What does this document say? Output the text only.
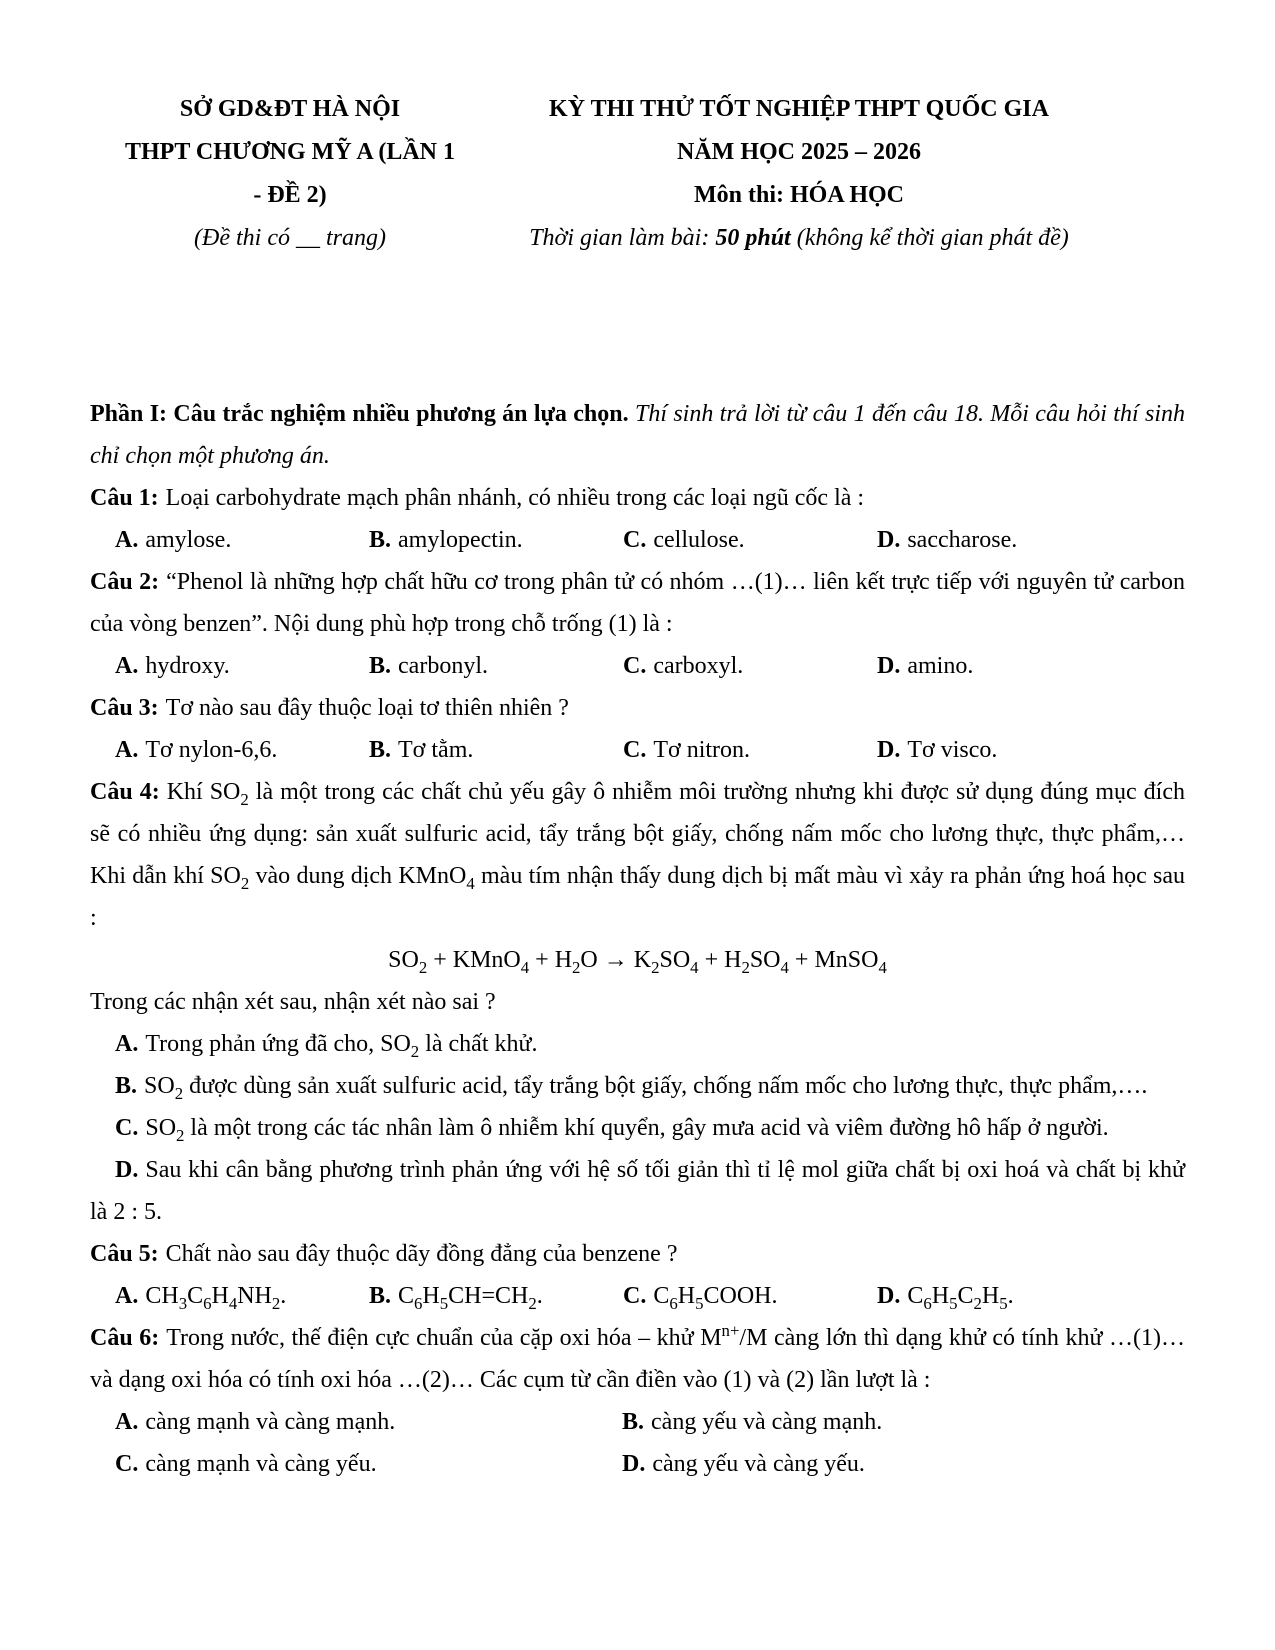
SỞ GD&ĐT HÀ NỘI
THPT CHƯƠNG MỸ A (LẦN 1
- ĐỀ 2)
(Đề thi có __ trang)
KỲ THI THỬ TỐT NGHIỆP THPT QUỐC GIA
NĂM HỌC 2025 – 2026
Môn thi: HÓA HỌC
Thời gian làm bài: 50 phút (không kể thời gian phát đề)

Phần I: Câu trắc nghiệm nhiều phương án lựa chọn. Thí sinh trả lời từ câu 1 đến câu 18. Mỗi câu hỏi thí sinh chỉ chọn một phương án.

Câu 1: Loại carbohydrate mạch phân nhánh, có nhiều trong các loại ngũ cốc là :

A. amylose.	B. amylopectin.	C. cellulose.	D. saccharose.

Câu 2: “Phenol là những hợp chất hữu cơ trong phân tử có nhóm …(1)… liên kết trực tiếp với nguyên tử carbon của vòng benzen”. Nội dung phù hợp trong chỗ trống (1) là :

A. hydroxy.	B. carbonyl.	C. carboxyl.	D. amino.

Câu 3: Tơ nào sau đây thuộc loại tơ thiên nhiên ?

A. Tơ nylon-6,6.	B. Tơ tằm.	C. Tơ nitron.	D. Tơ visco.

Câu 4: Khí $SO_2$ là một trong các chất chủ yếu gây ô nhiễm môi trường nhưng khi được sử dụng đúng mục đích sẽ có nhiều ứng dụng: sản xuất sulfuric acid, tẩy trắng bột giấy, chống nấm mốc cho lương thực, thực phẩm,… Khi dẫn khí $SO_2$ vào dung dịch KMnO$_4$ màu tím nhận thấy dung dịch bị mất màu vì xảy ra phản ứng hoá học sau :

$SO_2$ + KMnO$_4$ + $H_2O \to K_2SO_4 + H_2SO_4$ + MnSO$_4$

Trong các nhận xét sau, nhận xét nào sai ?

A. Trong phản ứng đã cho, $SO_2$ là chất khử.

B. $SO_2$ được dùng sản xuất sulfuric acid, tẩy trắng bột giấy, chống nấm mốc cho lương thực, thực phẩm,….

C. $SO_2$ là một trong các tác nhân làm ô nhiễm khí quyển, gây mưa acid và viêm đường hô hấp ở người.

D. Sau khi cân bằng phương trình phản ứng với hệ số tối giản thì tỉ lệ mol giữa chất bị oxi hoá và chất bị khử là 2 : 5.

Câu 5: Chất nào sau đây thuộc dãy đồng đẳng của benzene ?

A. $CH_3C_6H_4NH_2$.	B. $C_6H_5CH=CH_2$.	C. $C_6H_5COOH$.	D. $C_6H_5C_2H_5$.

Câu 6: Trong nước, thế điện cực chuẩn của cặp oxi hóa – khử $M^{n+}/M$ càng lớn thì dạng khử có tính khử …(1)… và dạng oxi hóa có tính oxi hóa …(2)… Các cụm từ cần điền vào (1) và (2) lần lượt là :

A. càng mạnh và càng mạnh.	B. càng yếu và càng mạnh.
C. càng mạnh và càng yếu.	D. càng yếu và càng yếu.
